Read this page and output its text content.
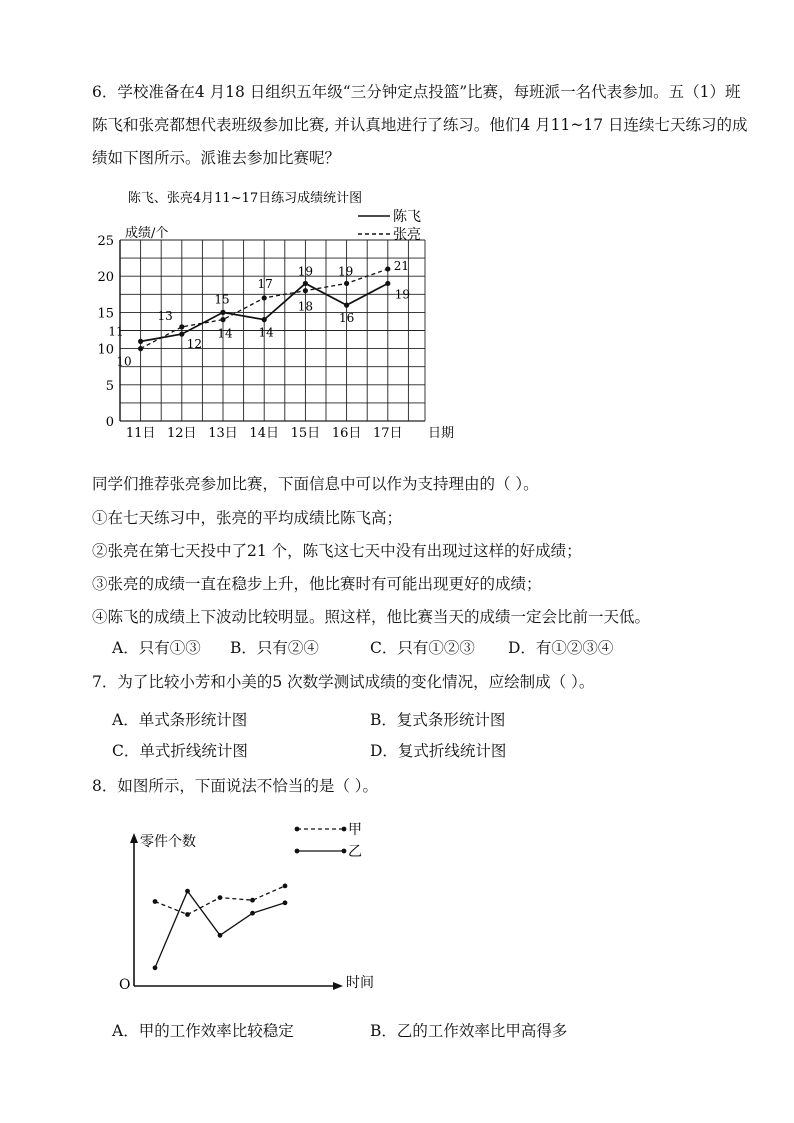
6．学校准备在4 月18 日组织五年级“三分钟定点投篮”比赛，每班派一名代表参加。五（1）班
陈飞和张亮都想代表班级参加比赛, 并认真地进行了练习。他们4 月11~17 日连续七天练习的成
绩如下图所示。派谁去参加比赛呢？
陈飞、张亮4月11~17日练习成绩统计图
陈飞
张亮
成绩/个
日期
0
5
10
15
20
25
11日 12日 13日 14日 15日 16日 17日
11
12
15
14
19
16
19
10
13
14
17
18
19	21
同学们推荐张亮参加比赛，下面信息中可以作为支持理由的（ ）。
①在七天练习中，张亮的平均成绩比陈飞高；
②张亮在第七天投中了21 个，陈飞这七天中没有出现过这样的好成绩；
③张亮的成绩一直在稳步上升，他比赛时有可能出现更好的成绩；
④陈飞的成绩上下波动比较明显。照这样，他比赛当天的成绩一定会比前一天低。
A．只有①③ B．只有②④	C．只有①②③ D．有①②③④
7．为了比较小芳和小美的5 次数学测试成绩的变化情况，应绘制成（ ）。
A．单式条形统计图	B．复式条形统计图
C．单式折线统计图	D．复式折线统计图
8．如图所示，下面说法不恰当的是（ ）。
零件个数
时间
O
甲
乙
A．甲的工作效率比较稳定	B．乙的工作效率比甲高得多
